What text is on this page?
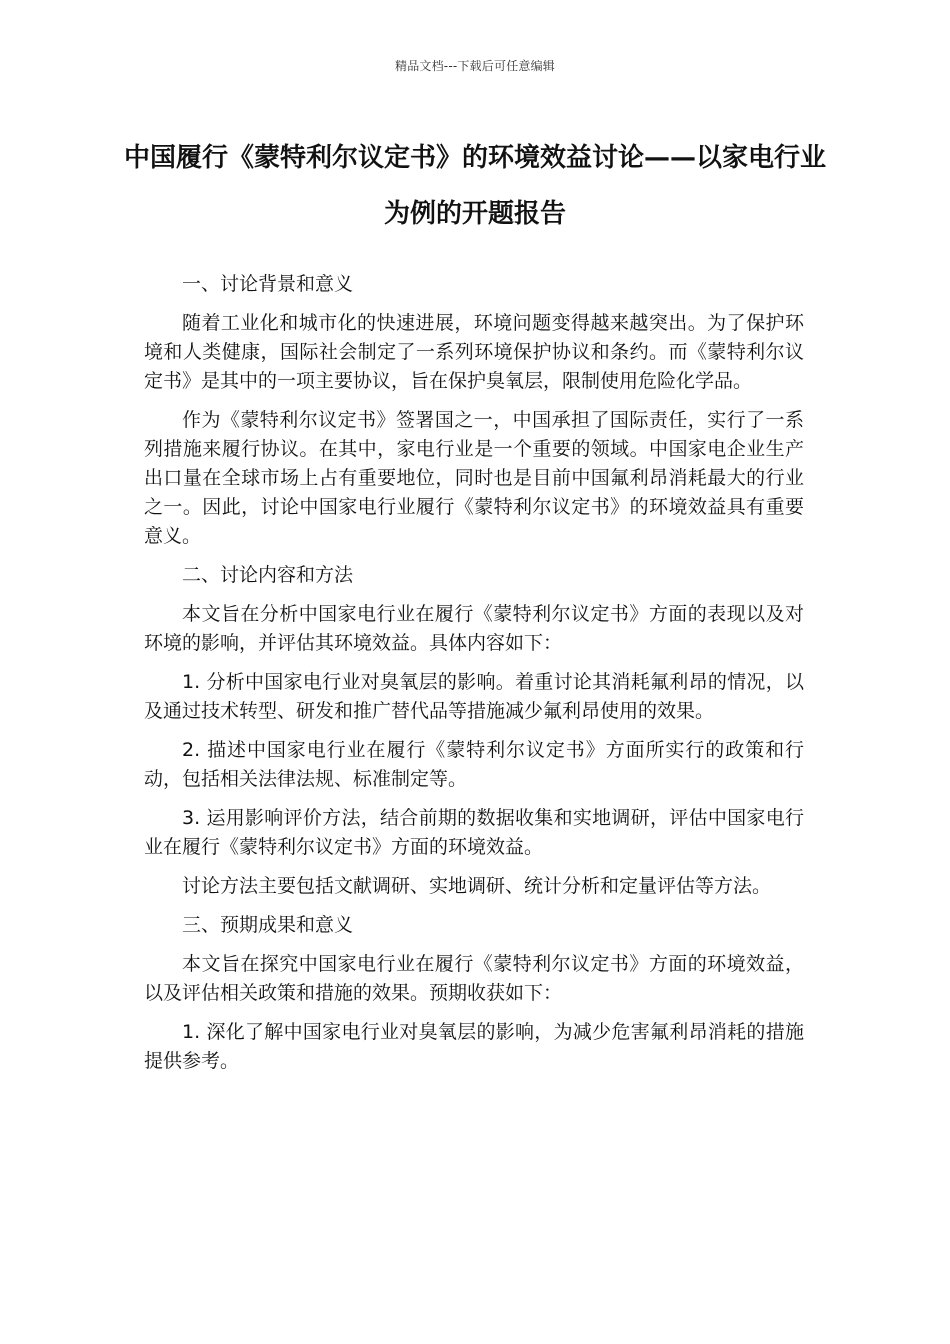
精品文档---下载后可任意编辑
中国履行《蒙特利尔议定书》的环境效益讨论——以家电行业为例的开题报告

一、讨论背景和意义

随着工业化和城市化的快速进展，环境问题变得越来越突出。为了保护环境和人类健康，国际社会制定了一系列环境保护协议和条约。而《蒙特利尔议定书》是其中的一项主要协议，旨在保护臭氧层，限制使用危险化学品。

作为《蒙特利尔议定书》签署国之一，中国承担了国际责任，实行了一系列措施来履行协议。在其中，家电行业是一个重要的领域。中国家电企业生产出口量在全球市场上占有重要地位，同时也是目前中国氟利昂消耗最大的行业之一。因此，讨论中国家电行业履行《蒙特利尔议定书》的环境效益具有重要意义。

二、讨论内容和方法

本文旨在分析中国家电行业在履行《蒙特利尔议定书》方面的表现以及对环境的影响，并评估其环境效益。具体内容如下：

1. 分析中国家电行业对臭氧层的影响。着重讨论其消耗氟利昂的情况，以及通过技术转型、研发和推广替代品等措施减少氟利昂使用的效果。

2. 描述中国家电行业在履行《蒙特利尔议定书》方面所实行的政策和行动，包括相关法律法规、标准制定等。

3. 运用影响评价方法，结合前期的数据收集和实地调研，评估中国家电行业在履行《蒙特利尔议定书》方面的环境效益。

讨论方法主要包括文献调研、实地调研、统计分析和定量评估等方法。

三、预期成果和意义

本文旨在探究中国家电行业在履行《蒙特利尔议定书》方面的环境效益，以及评估相关政策和措施的效果。预期收获如下：

1. 深化了解中国家电行业对臭氧层的影响，为减少危害氟利昂消耗的措施提供参考。
